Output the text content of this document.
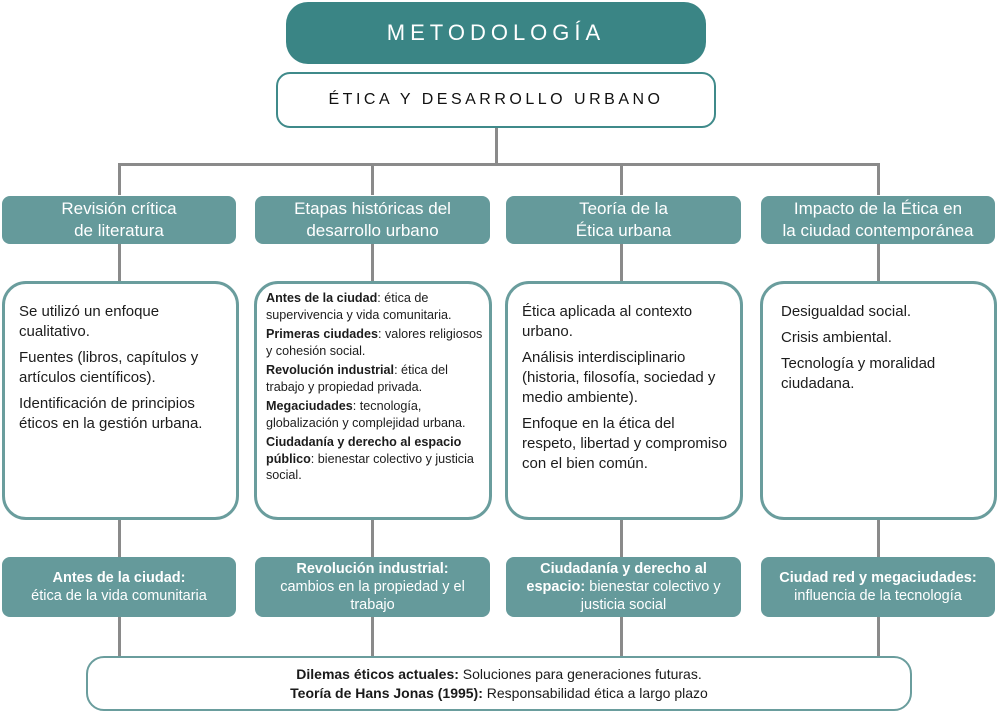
METODOLOGÍA
ÉTICA Y DESARROLLO URBANO
Revisión crítica
de literatura
Etapas históricas del
desarrollo urbano
Teoría de la
Ética urbana
Impacto de la Ética en
la ciudad contemporánea

Se utilizó un enfoque cualitativo.

Fuentes (libros, capítulos y artículos científicos).

Identificación de principios éticos en la gestión urbana.

Antes de la ciudad: ética de supervivencia y vida comunitaria.

Primeras ciudades: valores religiosos y cohesión social.

Revolución industrial: ética del trabajo y propiedad privada.

Megaciudades: tecnología, globalización y complejidad urbana.

Ciudadanía y derecho al espacio público: bienestar colectivo y justicia social.

Ética aplicada al contexto urbano.

Análisis interdisciplinario (historia, filosofía, sociedad y medio ambiente).

Enfoque en la ética del respeto, libertad y compromiso con el bien común.

Desigualdad social.

Crisis ambiental.

Tecnología y moralidad ciudadana.

Antes de la ciudad:
ética de la vida comunitaria
Revolución industrial:
cambios en la propiedad y el trabajo
Ciudadanía y derecho al espacio: bienestar colectivo y justicia social
Ciudad red y megaciudades:
influencia de la tecnología
Dilemas éticos actuales: Soluciones para generaciones futuras.
Teoría de Hans Jonas (1995): Responsabilidad ética a largo plazo
